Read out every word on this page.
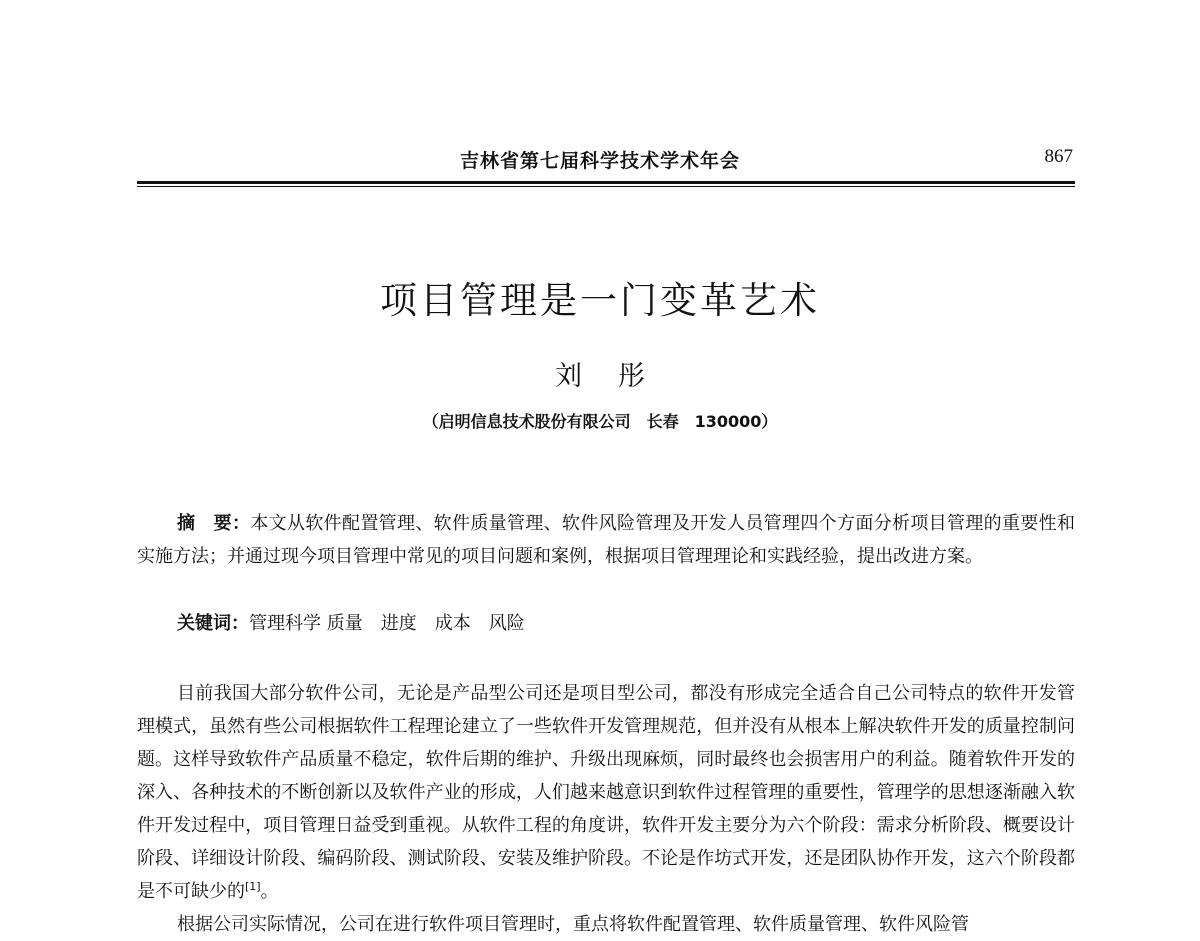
吉林省第七届科学技术学术年会	867
项目管理是一门变革艺术
刘彤
（启明信息技术股份有限公司　长春　130000）
摘　要：本文从软件配置管理、软件质量管理、软件风险管理及开发人员管理四个方面分析项目管理的重要性和实施方法；并通过现今项目管理中常见的项目问题和案例，根据项目管理理论和实践经验，提出改进方案。
关键词：管理科学 质量　进度　成本　风险

目前我国大部分软件公司，无论是产品型公司还是项目型公司，都没有形成完全适合自己公司特点的软件开发管理模式，虽然有些公司根据软件工程理论建立了一些软件开发管理规范，但并没有从根本上解决软件开发的质量控制问题。这样导致软件产品质量不稳定，软件后期的维护、升级出现麻烦，同时最终也会损害用户的利益。随着软件开发的深入、各种技术的不断创新以及软件产业的形成，人们越来越意识到软件过程管理的重要性，管理学的思想逐渐融入软件开发过程中，项目管理日益受到重视。从软件工程的角度讲，软件开发主要分为六个阶段：需求分析阶段、概要设计阶段、详细设计阶段、编码阶段、测试阶段、安装及维护阶段。不论是作坊式开发，还是团队协作开发，这六个阶段都是不可缺少的[1]。

根据公司实际情况，公司在进行软件项目管理时，重点将软件配置管理、软件质量管理、软件风险管
